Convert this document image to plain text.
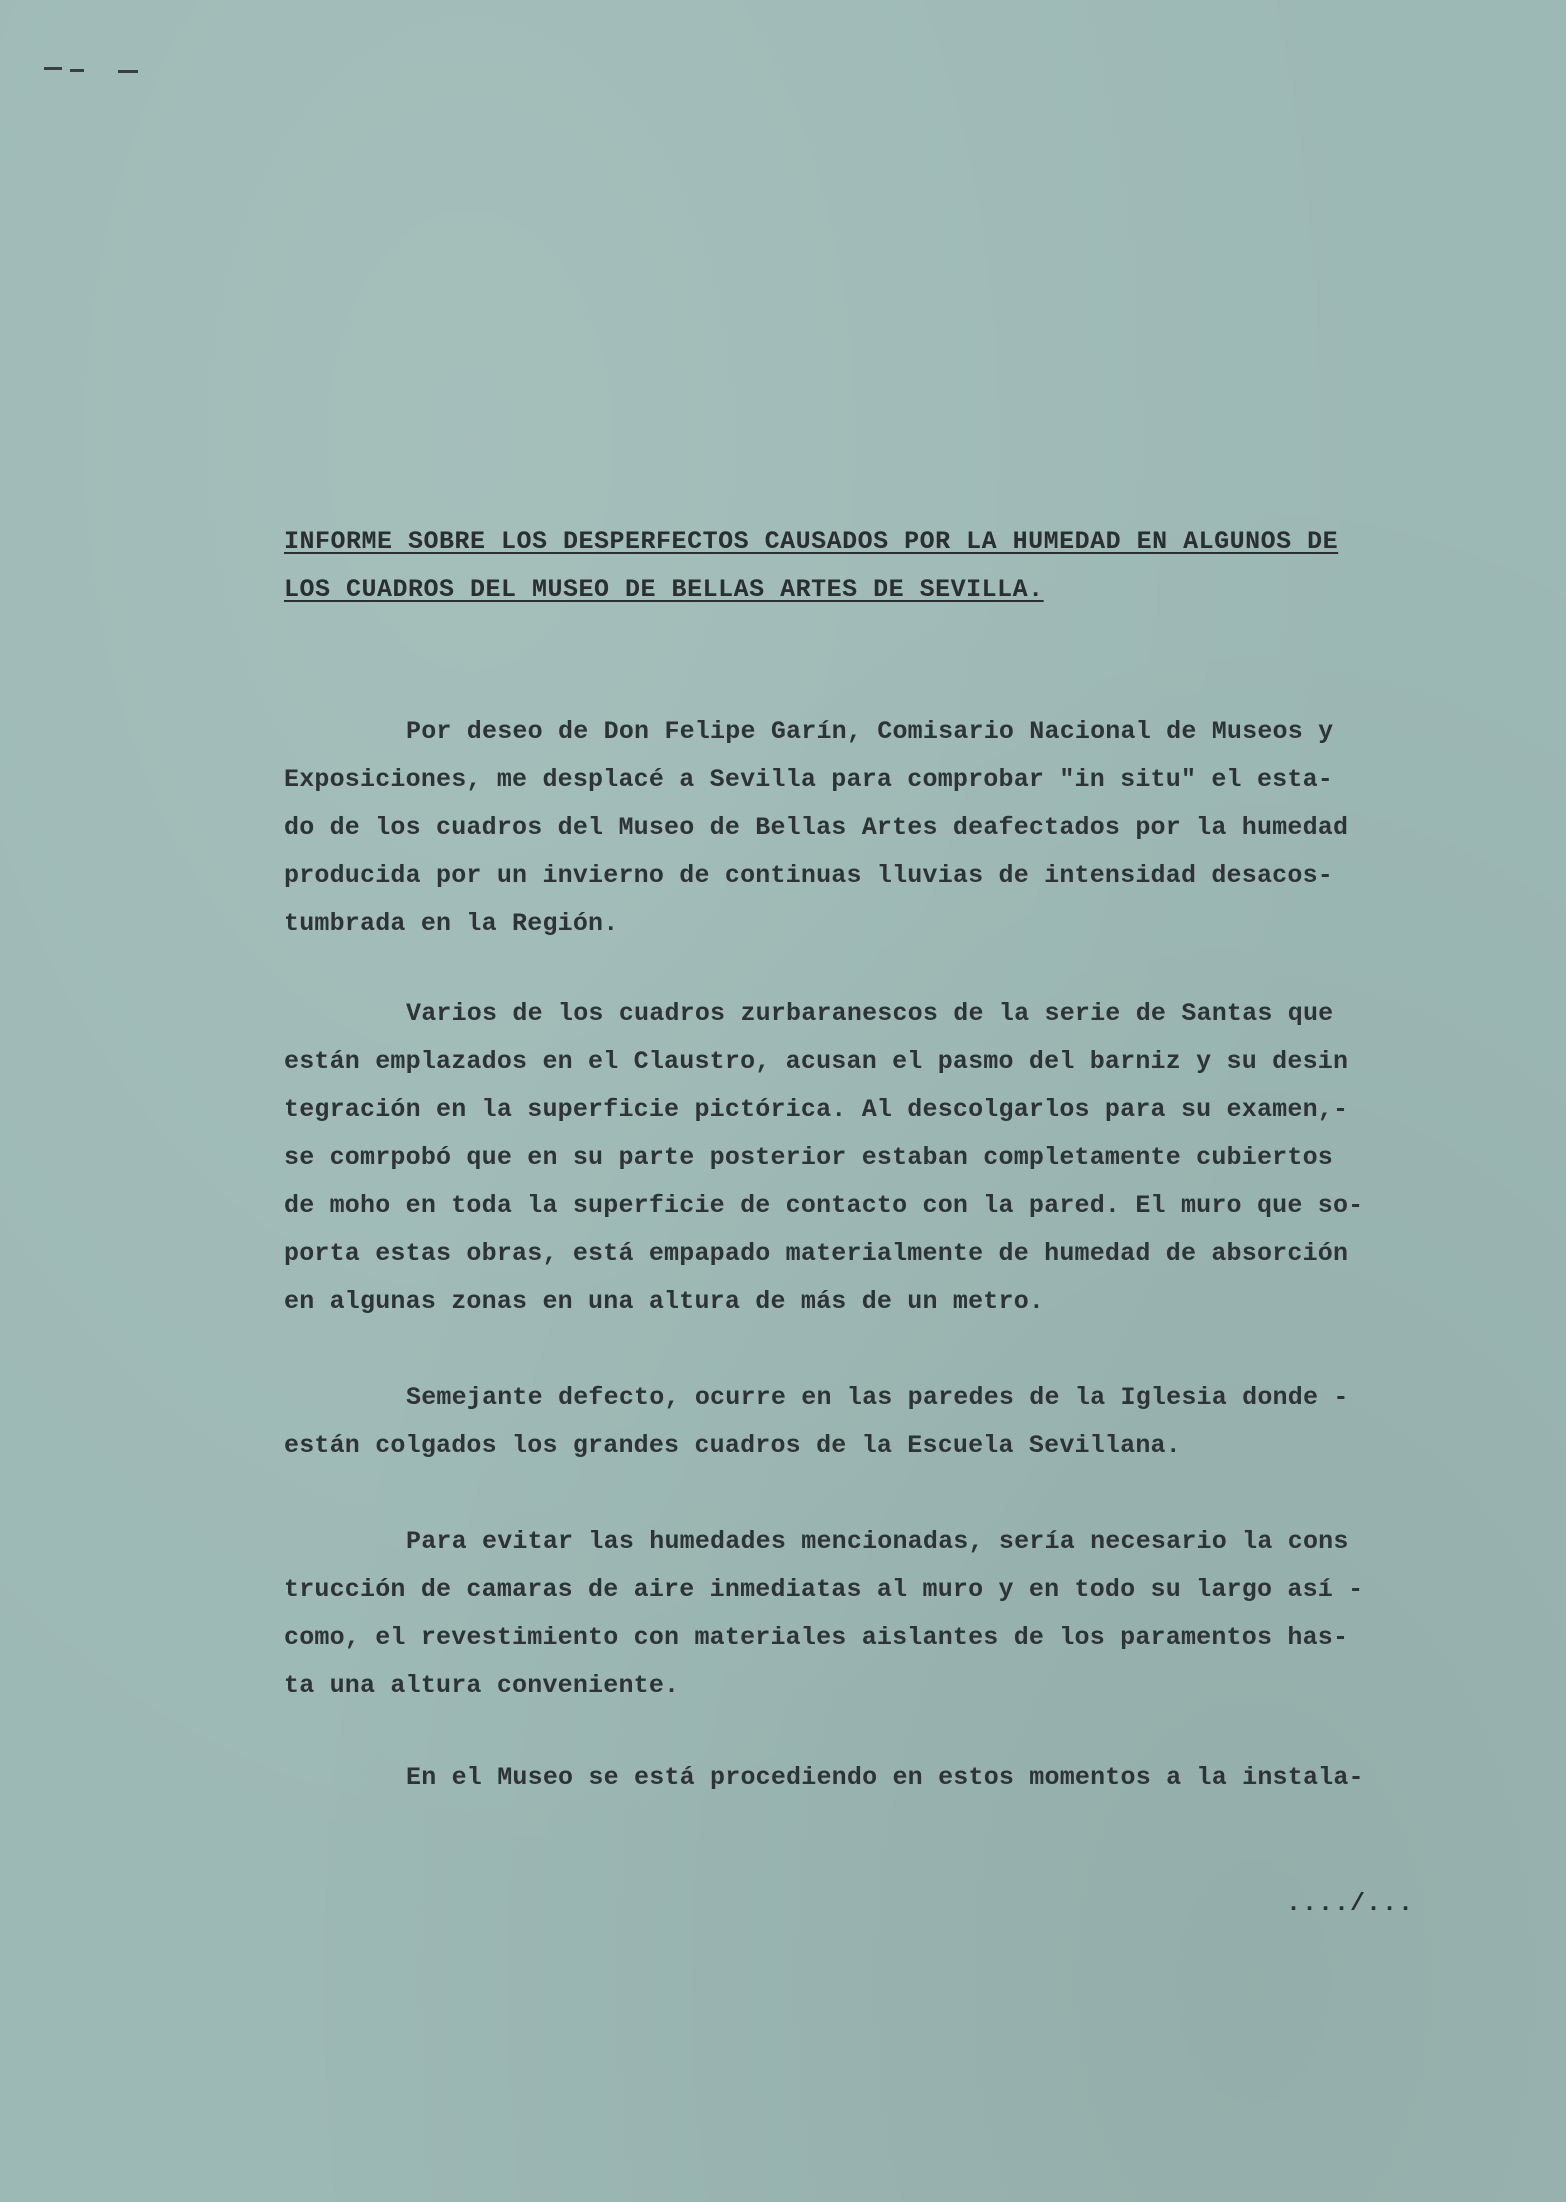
INFORME SOBRE LOS DESPERFECTOS CAUSADOS POR LA HUMEDAD EN ALGUNOS DE
LOS CUADROS DEL MUSEO DE BELLAS ARTES DE SEVILLA.
Por deseo de Don Felipe Garín, Comisario Nacional de Museos y
Exposiciones, me desplacé a Sevilla para comprobar "in situ" el esta-
do de los cuadros del Museo de Bellas Artes deafectados por la humedad
producida por un invierno de continuas lluvias de intensidad desacos-
tumbrada en la Región.
Varios de los cuadros zurbaranescos de la serie de Santas que
están emplazados en el Claustro, acusan el pasmo del barniz y su desin
tegración en la superficie pictórica. Al descolgarlos para su examen,-
se comrpobó que en su parte posterior estaban completamente cubiertos
de moho en toda la superficie de contacto con la pared. El muro que so-
porta estas obras, está empapado materialmente de humedad de absorción
en algunas zonas en una altura de más de un metro.
Semejante defecto, ocurre en las paredes de la Iglesia donde -
están colgados los grandes cuadros de la Escuela Sevillana.
Para evitar las humedades mencionadas, sería necesario la cons
trucción de camaras de aire inmediatas al muro y en todo su largo así -
como, el revestimiento con materiales aislantes de los paramentos has-
ta una altura conveniente.
En el Museo se está procediendo en estos momentos a la instala-
..../...
